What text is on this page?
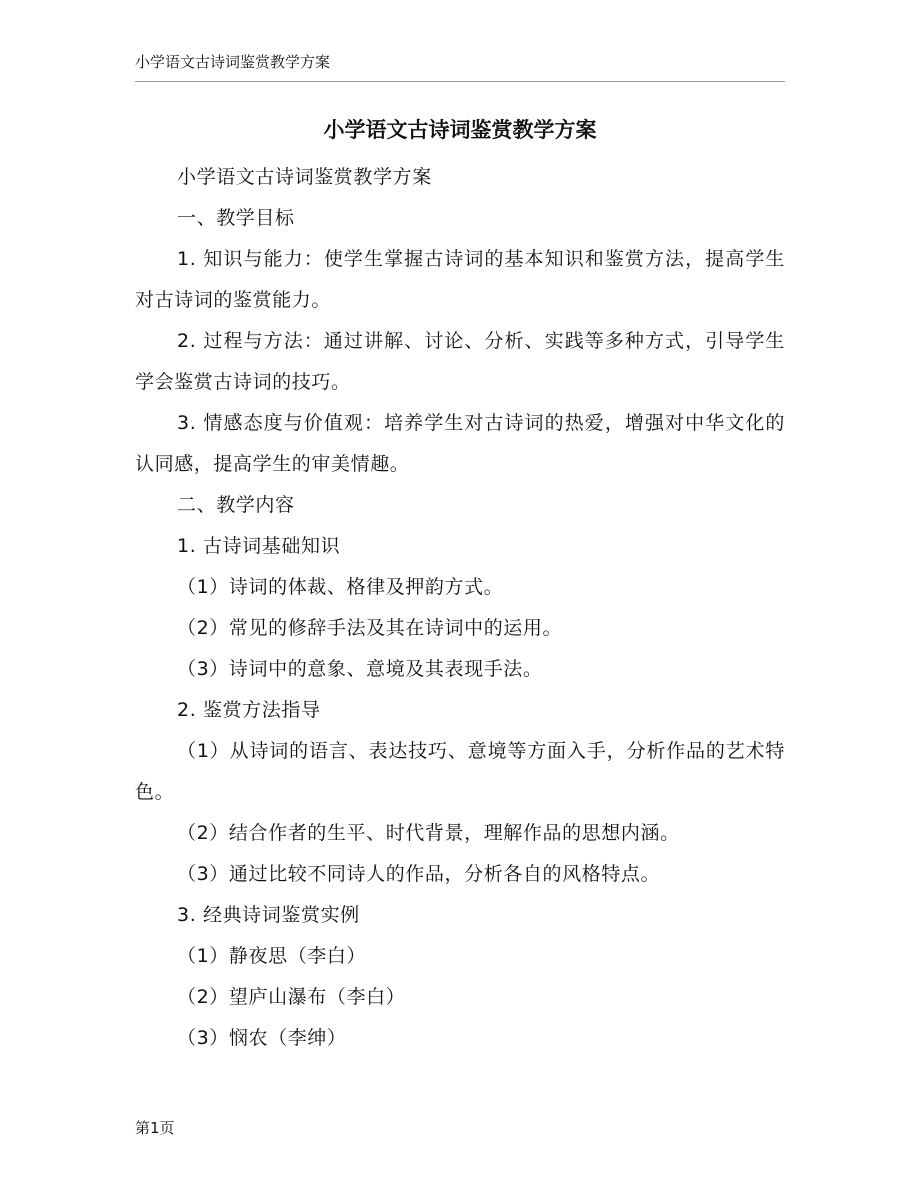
小学语文古诗词鉴赏教学方案
小学语文古诗词鉴赏教学方案

小学语文古诗词鉴赏教学方案

一、教学目标

1. 知识与能力：使学生掌握古诗词的基本知识和鉴赏方法，提高学生对古诗词的鉴赏能力。

2. 过程与方法：通过讲解、讨论、分析、实践等多种方式，引导学生学会鉴赏古诗词的技巧。

3. 情感态度与价值观：培养学生对古诗词的热爱，增强对中华文化的认同感，提高学生的审美情趣。

二、教学内容

1. 古诗词基础知识

（1）诗词的体裁、格律及押韵方式。

（2）常见的修辞手法及其在诗词中的运用。

（3）诗词中的意象、意境及其表现手法。

2. 鉴赏方法指导

（1）从诗词的语言、表达技巧、意境等方面入手，分析作品的艺术特色。

（2）结合作者的生平、时代背景，理解作品的思想内涵。

（3）通过比较不同诗人的作品，分析各自的风格特点。

3. 经典诗词鉴赏实例

（1）静夜思（李白）

（2）望庐山瀑布（李白）

（3）悯农（李绅）

第1页
